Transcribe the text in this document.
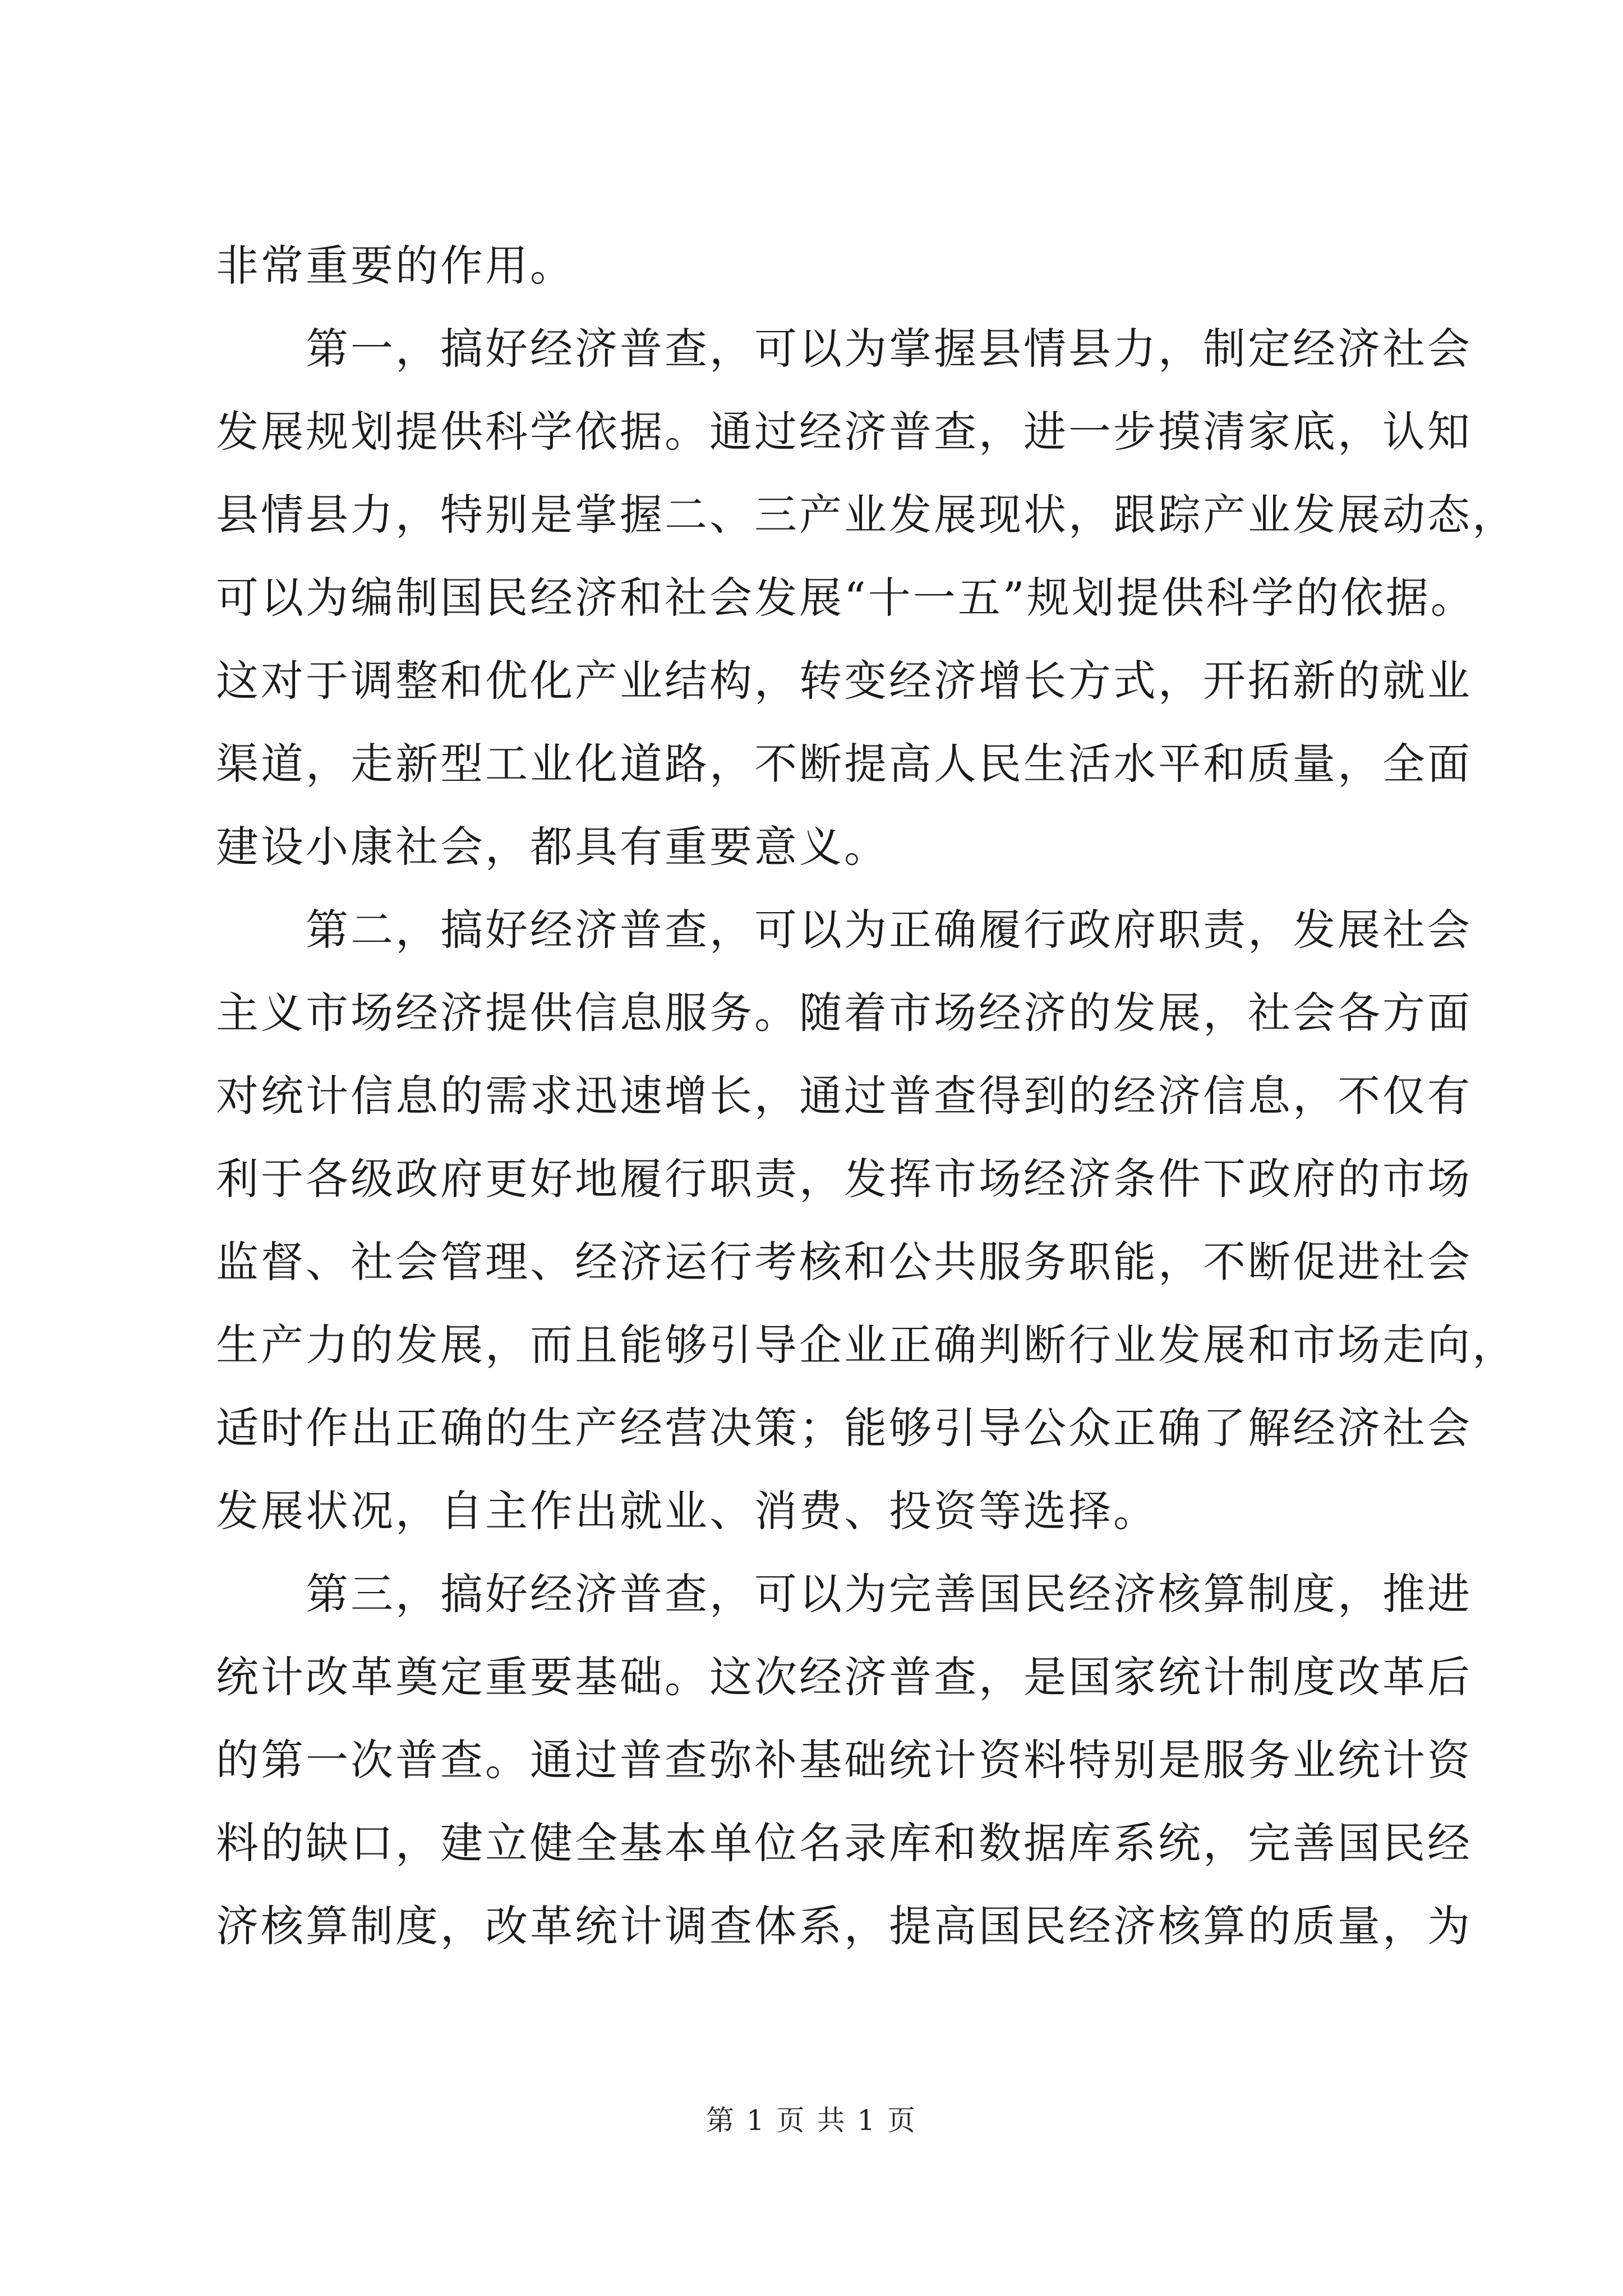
非常重要的作用。
第一，搞好经济普查，可以为掌握县情县力，制定经济社会
发展规划提供科学依据。通过经济普查，进一步摸清家底，认知
县情县力，特别是掌握二、三产业发展现状，跟踪产业发展动态，
可以为编制国民经济和社会发展“十一五”规划提供科学的依据。
这对于调整和优化产业结构，转变经济增长方式，开拓新的就业
渠道，走新型工业化道路，不断提高人民生活水平和质量，全面
建设小康社会，都具有重要意义。
第二，搞好经济普查，可以为正确履行政府职责，发展社会
主义市场经济提供信息服务。随着市场经济的发展，社会各方面
对统计信息的需求迅速增长，通过普查得到的经济信息，不仅有
利于各级政府更好地履行职责，发挥市场经济条件下政府的市场
监督、社会管理、经济运行考核和公共服务职能，不断促进社会
生产力的发展，而且能够引导企业正确判断行业发展和市场走向，
适时作出正确的生产经营决策；能够引导公众正确了解经济社会
发展状况，自主作出就业、消费、投资等选择。
第三，搞好经济普查，可以为完善国民经济核算制度，推进
统计改革奠定重要基础。这次经济普查，是国家统计制度改革后
的第一次普查。通过普查弥补基础统计资料特别是服务业统计资
料的缺口，建立健全基本单位名录库和数据库系统，完善国民经
济核算制度，改革统计调查体系，提高国民经济核算的质量，为
第 1 页 共 1 页
